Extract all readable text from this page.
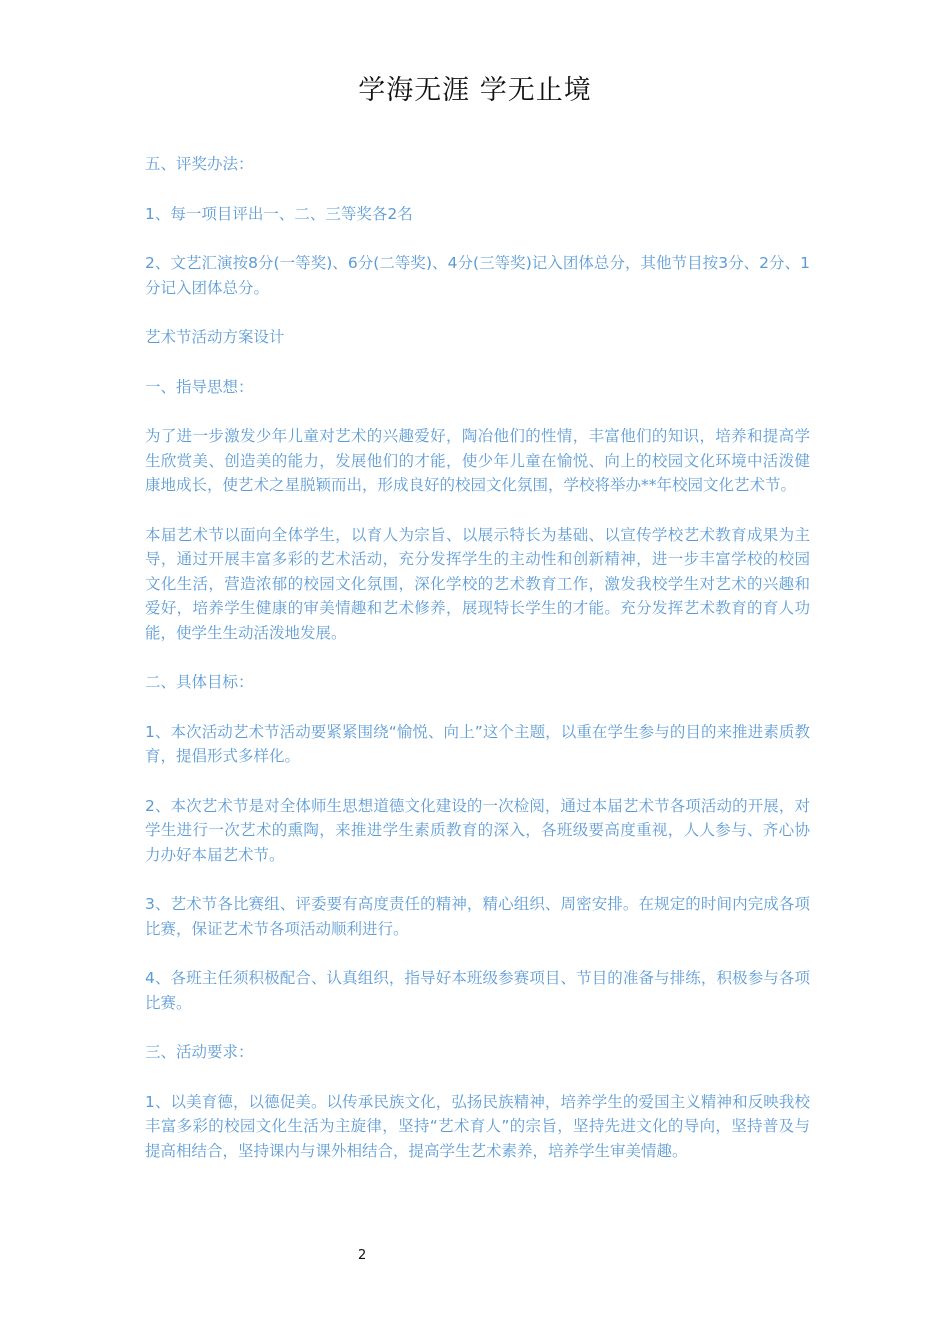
学海无涯 学无止境

五、评奖办法：

1、每一项目评出一、二、三等奖各2名

2、文艺汇演按8分(一等奖)、6分(二等奖)、4分(三等奖)记入团体总分，其他节目按3分、2分、1分记入团体总分。

艺术节活动方案设计

一、指导思想：

为了进一步激发少年儿童对艺术的兴趣爱好，陶冶他们的性情，丰富他们的知识，培养和提高学生欣赏美、创造美的能力，发展他们的才能，使少年儿童在愉悦、向上的校园文化环境中活泼健康地成长，使艺术之星脱颖而出，形成良好的校园文化氛围，学校将举办**年校园文化艺术节。

本届艺术节以面向全体学生，以育人为宗旨、以展示特长为基础、以宣传学校艺术教育成果为主导，通过开展丰富多彩的艺术活动，充分发挥学生的主动性和创新精神，进一步丰富学校的校园文化生活，营造浓郁的校园文化氛围，深化学校的艺术教育工作，激发我校学生对艺术的兴趣和爱好，培养学生健康的审美情趣和艺术修养，展现特长学生的才能。充分发挥艺术教育的育人功能，使学生生动活泼地发展。

二、具体目标：

1、本次活动艺术节活动要紧紧围绕“愉悦、向上”这个主题，以重在学生参与的目的来推进素质教育，提倡形式多样化。

2、本次艺术节是对全体师生思想道德文化建设的一次检阅，通过本届艺术节各项活动的开展，对学生进行一次艺术的熏陶，来推进学生素质教育的深入，各班级要高度重视，人人参与、齐心协力办好本届艺术节。

3、艺术节各比赛组、评委要有高度责任的精神，精心组织、周密安排。在规定的时间内完成各项比赛，保证艺术节各项活动顺利进行。

4、各班主任须积极配合、认真组织，指导好本班级参赛项目、节目的准备与排练，积极参与各项比赛。

三、活动要求：

1、以美育德，以德促美。以传承民族文化，弘扬民族精神，培养学生的爱国主义精神和反映我校丰富多彩的校园文化生活为主旋律，坚持“艺术育人”的宗旨，坚持先进文化的导向，坚持普及与提高相结合，坚持课内与课外相结合，提高学生艺术素养，培养学生审美情趣。

2
